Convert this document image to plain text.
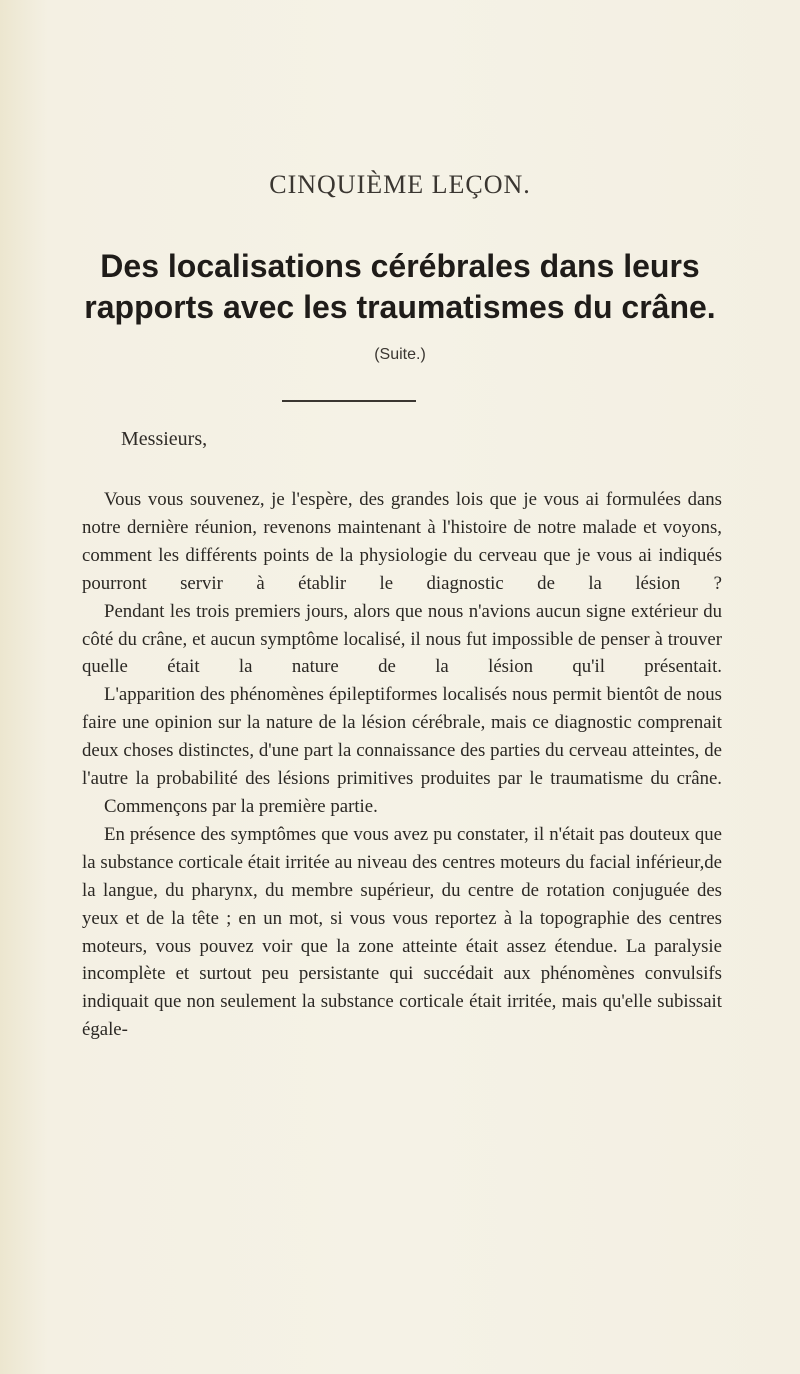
CINQUIÈME LEÇON.
Des localisations cérébrales dans leurs
rapports avec les traumatismes du crâne.
(Suite.)
Messieurs,

Vous vous souvenez, je l'espère, des grandes lois que je vous ai formulées dans notre dernière réunion, revenons maintenant à l'histoire de notre malade et voyons, comment les différents points de la physiologie du cerveau que je vous ai indiqués pourront servir à établir le diagnostic de la lésion ?

Pendant les trois premiers jours, alors que nous n'avions aucun signe extérieur du côté du crâne, et aucun symptôme localisé, il nous fut impossible de penser à trouver quelle était la nature de la lésion qu'il présentait.

L'apparition des phénomènes épileptiformes localisés nous permit bientôt de nous faire une opinion sur la nature de la lésion cérébrale, mais ce diagnostic comprenait deux choses distinctes, d'une part la connaissance des parties du cerveau atteintes, de l'autre la probabilité des lésions primitives produites par le traumatisme du crâne.

Commençons par la première partie.

En présence des symptômes que vous avez pu constater, il n'était pas douteux que la substance corticale était irritée au niveau des centres moteurs du facial inférieur,de la langue, du pharynx, du membre supérieur, du centre de rotation conjuguée des yeux et de la tête ; en un mot, si vous vous reportez à la topographie des centres moteurs, vous pouvez voir que la zone atteinte était assez étendue. La paralysie incomplète et surtout peu persistante qui succédait aux phénomènes convulsifs indiquait que non seulement la substance corticale était irritée, mais qu'elle subissait égale-
